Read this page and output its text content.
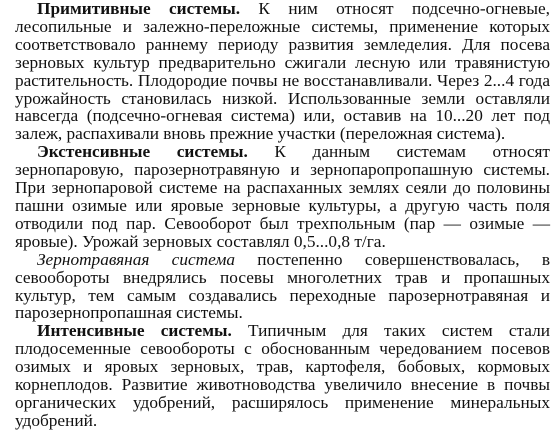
Примитивные системы. К ним относят подсечно-огневые, лесопильные и залежно-переложные системы, применение которых соответствовало раннему периоду развития земледелия. Для посева зерновых культур предварительно сжигали лесную или травянистую растительность. Плодородие почвы не восстанавливали. Через 2...4 года урожайность становилась низкой. Использованные земли оставляли навсегда (подсечно-огневая система) или, оставив на 10...20 лет под залеж, распахивали вновь прежние участки (переложная система).

Экстенсивные системы. К данным системам относят зернопаровую, парозернотравяную и зернопаропропашную системы. При зернопаровой системе на распаханных землях сеяли до половины пашни озимые или яровые зерновые культуры, а другую часть поля отводили под пар. Севооборот был трехпольным (пар — озимые — яровые). Урожай зерновых составлял 0,5...0,8 т/га.

Зернотравяная система постепенно совершенствовалась, в севообороты внедрялись посевы многолетних трав и пропашных культур, тем самым создавались переходные парозернотравяная и парозернопропашная системы.

Интенсивные системы. Типичным для таких систем стали плодосеменные севообороты с обоснованным чередованием посевов озимых и яровых зерновых, трав, картофеля, бобовых, кормовых корнеплодов. Развитие животноводства увеличило внесение в почвы органических удобрений, расширялось применение минеральных удобрений.
